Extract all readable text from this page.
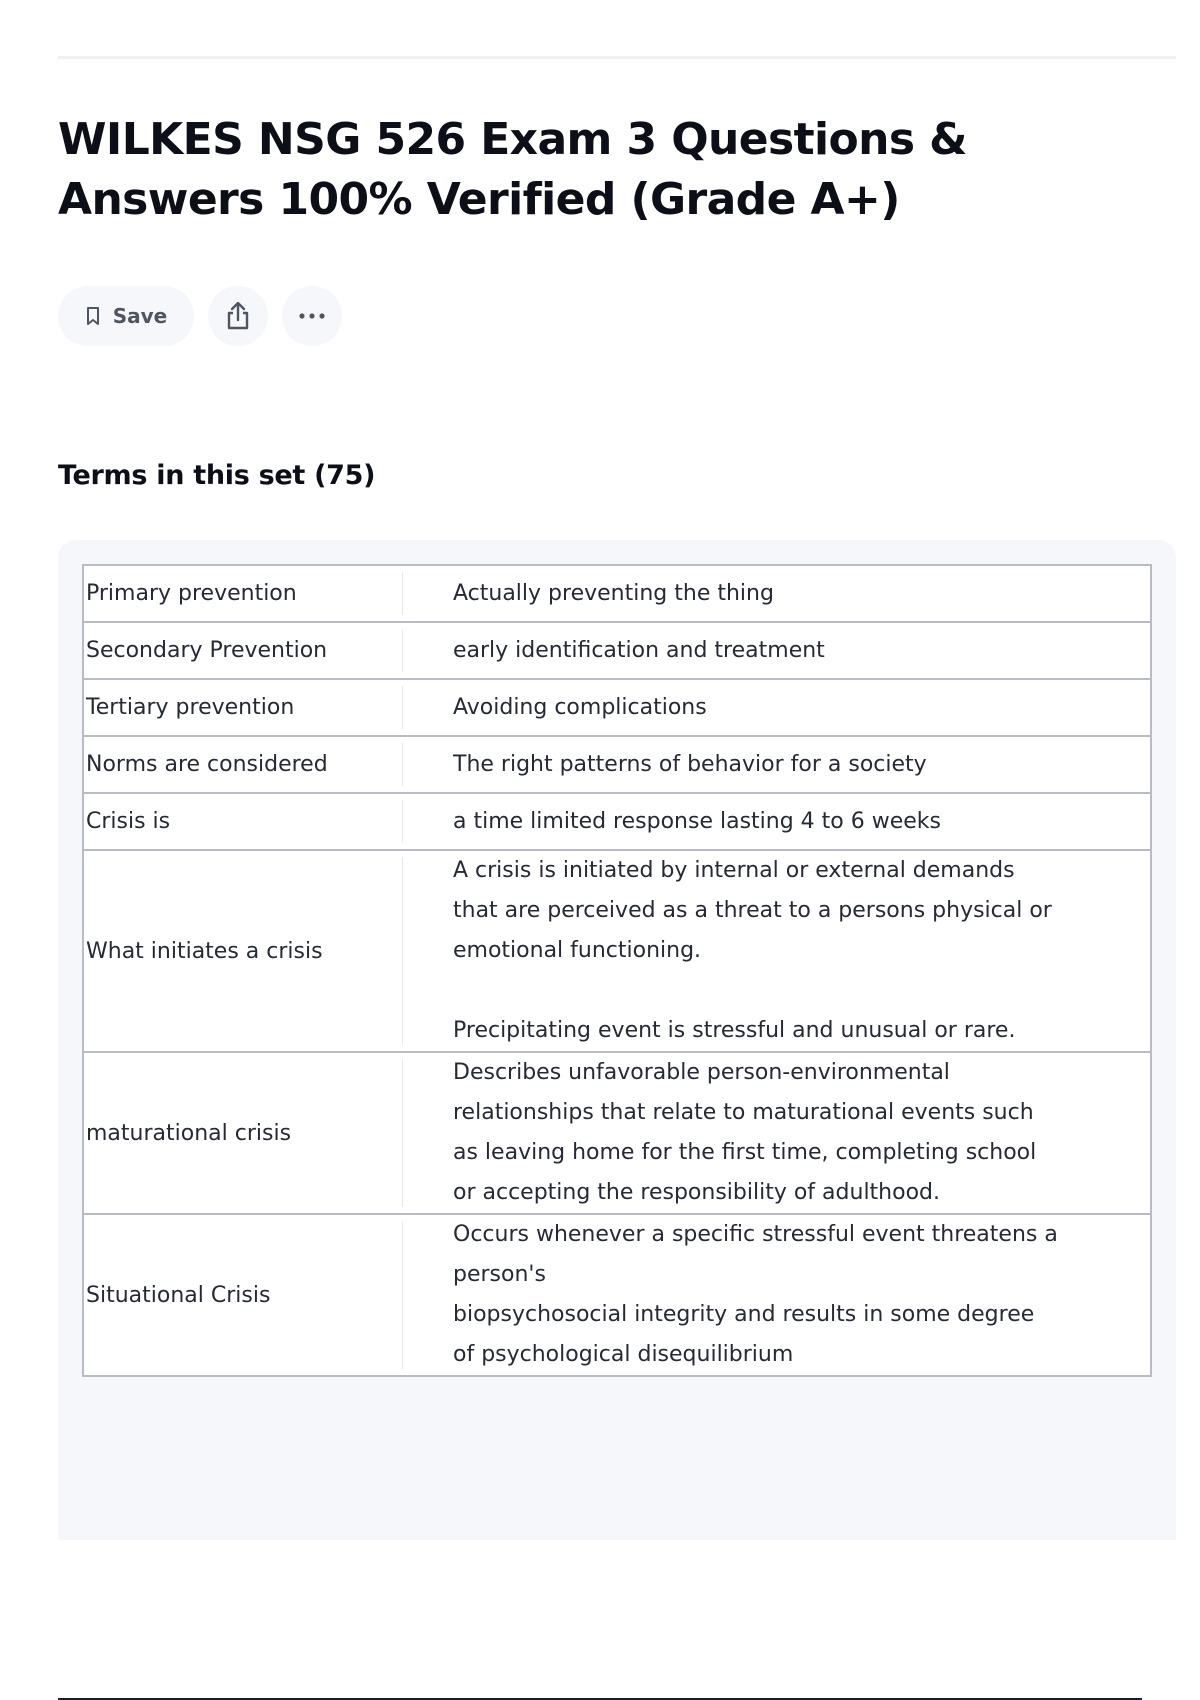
WILKES NSG 526 Exam 3 Questions & Answers 100% Verified (Grade A+)
Save
Terms in this set (75)
Primary prevention	Actually preventing the thing

Secondary Prevention	early identification and treatment

Tertiary prevention	Avoiding complications

Norms are considered	The right patterns of behavior for a society

Crisis is	a time limited response lasting 4 to 6 weeks

What initiates a crisis	A crisis is initiated by internal or external demands that are perceived as a threat to a persons physical or emotional functioning.
Precipitating event is stressful and unusual or rare.

maturational crisis	Describes unfavorable person-environmental relationships that relate to maturational events such as leaving home for the first time, completing school or accepting the responsibility of adulthood.

Situational Crisis	Occurs whenever a specific stressful event threatens a person's
biopsychosocial integrity and results in some degree of psychological disequilibrium
